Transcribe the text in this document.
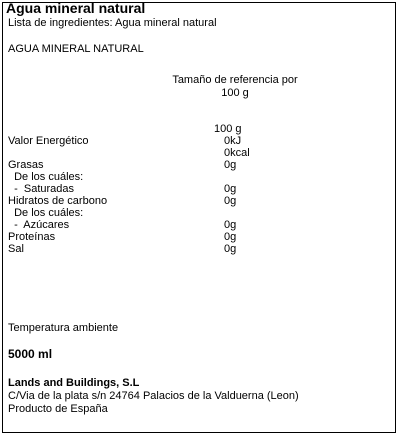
Agua mineral natural
Lista de ingredientes: Agua mineral natural
AGUA MINERAL NATURAL
Tamaño de referencia por
100 g
100 g
Valor Energético	0kJ
0kcal
Grasas	0g
De los cuáles:
-  Saturadas	0g
Hidratos de carbono	0g
De los cuáles:
-  Azúcares	0g
Proteínas	0g
Sal	0g
Temperatura ambiente
5000 ml
Lands and Buildings, S.L
C/Via de la plata s/n 24764 Palacios de la Valduerna (Leon)
Producto de España
